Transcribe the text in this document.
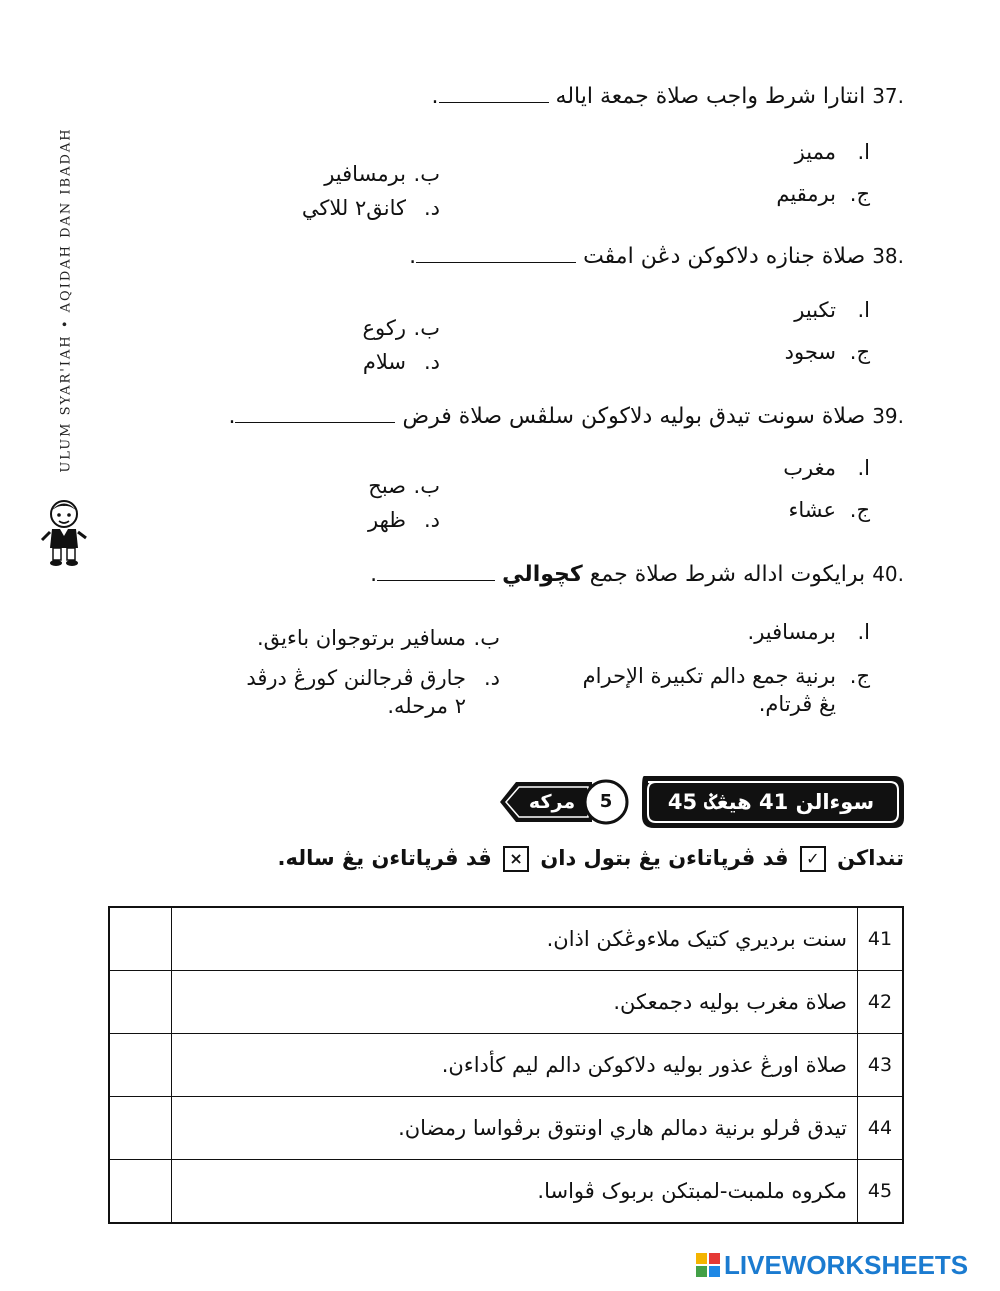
ULUM SYAR'IAH • AQIDAH DAN IBADAH
37. انتارا شرط واجب صلاة جمعة اياله .
ا.مميز
ب.برمسافير
ج.برمقيم
د.كانق٢ للاكي
38. صلاة جنازه دلاكوكن دڠن امڤت .
ا.تكبير
ب.ركوع
ج.سجود
د.سلام
39. صلاة سونت تيدق بوليه دلاكوكن سلڤس صلاة فرض .
ا.مغرب
ب.صبح
ج.عشاء
د.ظهر
40. برايكوت اداله شرط صلاة جمع كچوالي .
ا.برمسافير.
ب.مسافير برتوجوان باءيق.
ج.برنية جمع دالم تكبيرة الإحرام
يڠ ڤرتام.
د.جارق ڤرجالنن كورڠ درڤد
٢ مرحله.
مركه	5	سوءالن 41 هيڠݢ 45
تنداكن ✓ ڤد ڤرپاتاءن يڠ بتول دان × ڤد ڤرپاتاءن يڠ ساله.
سنت برديري كتيک ملاءوڠکن اذان.	41
صلاة مغرب بوليه دجمعكن.	42
صلاة اورڠ عذور بوليه دلاكوكن دالم ليم كأداءن.	43
تيدق ڤرلو برنية دمالم هاري اونتوق برڤواسا رمضان.	44
مكروه ملمبت-لمبتكن بربوک ڤواسا.	45
LIVEWORKSHEETS
